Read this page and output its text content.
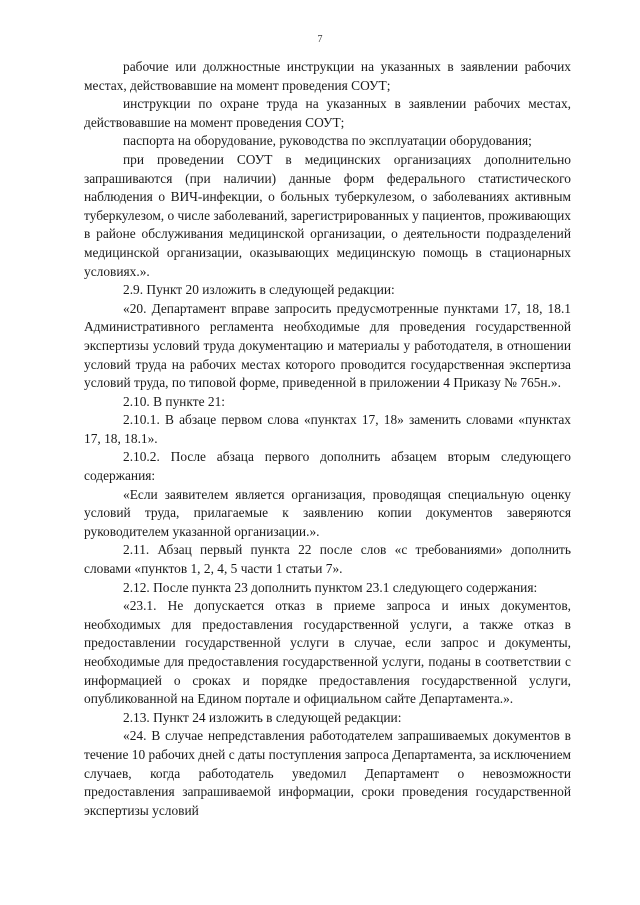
7

рабочие или должностные инструкции на указанных в заявлении рабочих местах, действовавшие на момент проведения СОУТ;

инструкции по охране труда на указанных в заявлении рабочих местах, действовавшие на момент проведения СОУТ;

паспорта на оборудование, руководства по эксплуатации оборудования;

при проведении СОУТ в медицинских организациях дополнительно запрашиваются (при наличии) данные форм федерального статистического наблюдения о ВИЧ-инфекции, о больных туберкулезом, о заболеваниях активным туберкулезом, о числе заболеваний, зарегистрированных у пациентов, проживающих в районе обслуживания медицинской организации, о деятельности подразделений медицинской организации, оказывающих медицинскую помощь в стационарных условиях.».

2.9. Пункт 20 изложить в следующей редакции:

«20. Департамент вправе запросить предусмотренные пунктами 17, 18, 18.1 Административного регламента необходимые для проведения государственной экспертизы условий труда документацию и материалы у работодателя, в отношении условий труда на рабочих местах которого проводится государственная экспертиза условий труда, по типовой форме, приведенной в приложении 4 Приказу № 765н.».

2.10. В пункте 21:

2.10.1. В абзаце первом слова «пунктах 17, 18» заменить словами «пунктах 17, 18, 18.1».

2.10.2. После абзаца первого дополнить абзацем вторым следующего содержания:

«Если заявителем является организация, проводящая специальную оценку условий труда, прилагаемые к заявлению копии документов заверяются руководителем указанной организации.».

2.11. Абзац первый пункта 22 после слов «с требованиями» дополнить словами «пунктов 1, 2, 4, 5 части 1 статьи 7».

2.12. После пункта 23 дополнить пунктом 23.1 следующего содержания:

«23.1. Не допускается отказ в приеме запроса и иных документов, необходимых для предоставления государственной услуги, а также отказ в предоставлении государственной услуги в случае, если запрос и документы, необходимые для предоставления государственной услуги, поданы в соответствии с информацией о сроках и порядке предоставления государственной услуги, опубликованной на Едином портале и официальном сайте Департамента.».

2.13. Пункт 24 изложить в следующей редакции:

«24. В случае непредставления работодателем запрашиваемых документов в течение 10 рабочих дней с даты поступления запроса Департамента, за исключением случаев, когда работодатель уведомил Департамент о невозможности предоставления запрашиваемой информации, сроки проведения государственной экспертизы условий
